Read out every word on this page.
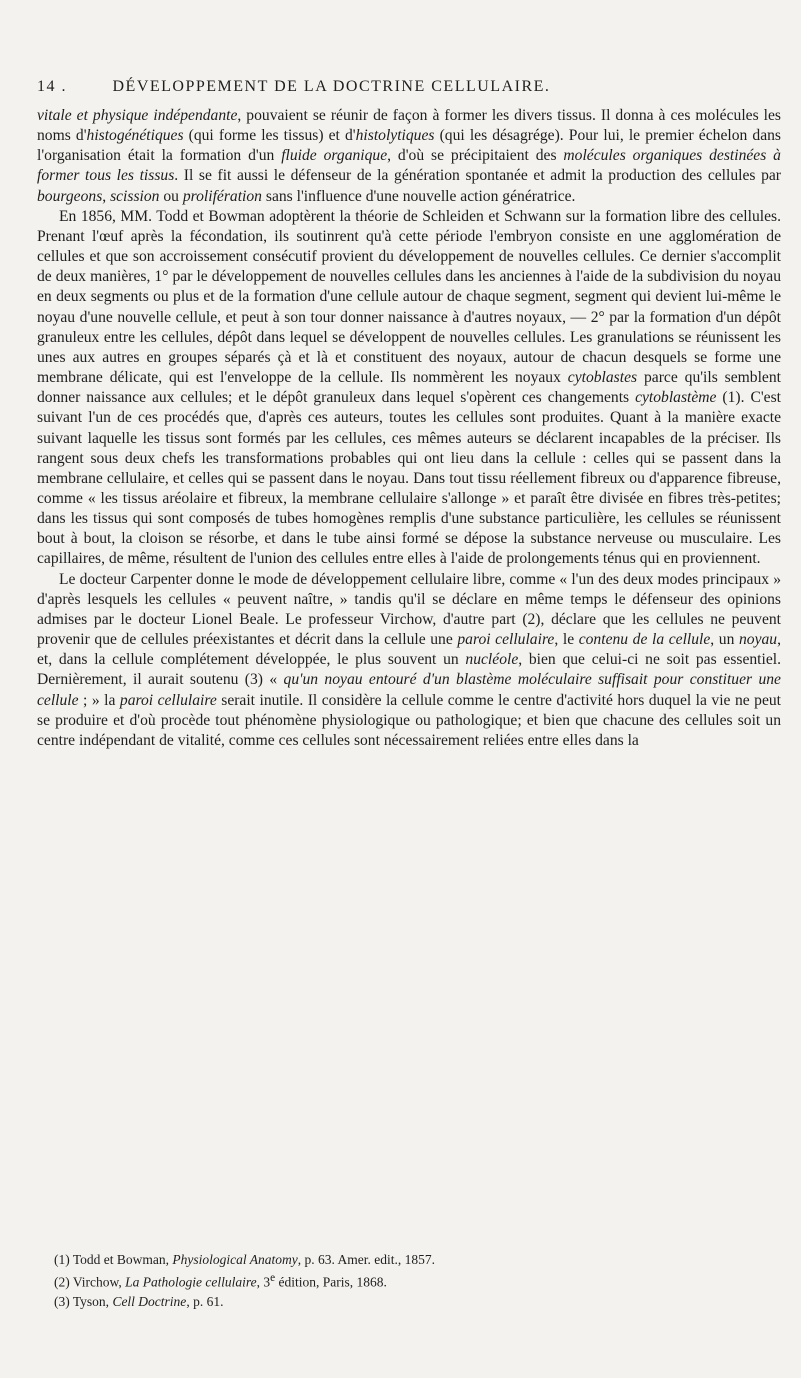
14 .	DÉVELOPPEMENT DE LA DOCTRINE CELLULAIRE.

vitale et physique indépendante, pouvaient se réunir de façon à former les divers tissus. Il donna à ces molécules les noms d'histogénétiques (qui forme les tissus) et d'histolytiques (qui les désagrége). Pour lui, le premier échelon dans l'organisation était la formation d'un fluide organique, d'où se précipitaient des molécules organiques destinées à former tous les tissus. Il se fit aussi le défenseur de la génération spontanée et admit la production des cellules par bourgeons, scission ou prolifération sans l'influence d'une nouvelle action génératrice.

En 1856, MM. Todd et Bowman adoptèrent la théorie de Schleiden et Schwann sur la formation libre des cellules. Prenant l'œuf après la fécondation, ils soutinrent qu'à cette période l'embryon consiste en une agglomération de cellules et que son accroissement consécutif provient du développement de nouvelles cellules. Ce dernier s'accomplit de deux manières, 1° par le développement de nouvelles cellules dans les anciennes à l'aide de la subdivision du noyau en deux segments ou plus et de la formation d'une cellule autour de chaque segment, segment qui devient lui-même le noyau d'une nouvelle cellule, et peut à son tour donner naissance à d'autres noyaux, — 2° par la formation d'un dépôt granuleux entre les cellules, dépôt dans lequel se développent de nouvelles cellules. Les granulations se réunissent les unes aux autres en groupes séparés çà et là et constituent des noyaux, autour de chacun desquels se forme une membrane délicate, qui est l'enveloppe de la cellule. Ils nommèrent les noyaux cytoblastes parce qu'ils semblent donner naissance aux cellules; et le dépôt granuleux dans lequel s'opèrent ces changements cytoblastème (1). C'est suivant l'un de ces procédés que, d'après ces auteurs, toutes les cellules sont produites. Quant à la manière exacte suivant laquelle les tissus sont formés par les cellules, ces mêmes auteurs se déclarent incapables de la préciser. Ils rangent sous deux chefs les transformations probables qui ont lieu dans la cellule : celles qui se passent dans la membrane cellulaire, et celles qui se passent dans le noyau. Dans tout tissu réellement fibreux ou d'apparence fibreuse, comme « les tissus aréolaire et fibreux, la membrane cellulaire s'allonge » et paraît être divisée en fibres très-petites; dans les tissus qui sont composés de tubes homogènes remplis d'une substance particulière, les cellules se réunissent bout à bout, la cloison se résorbe, et dans le tube ainsi formé se dépose la substance nerveuse ou musculaire. Les capillaires, de même, résultent de l'union des cellules entre elles à l'aide de prolongements ténus qui en proviennent.

Le docteur Carpenter donne le mode de développement cellulaire libre, comme « l'un des deux modes principaux » d'après lesquels les cellules « peuvent naître, » tandis qu'il se déclare en même temps le défenseur des opinions admises par le docteur Lionel Beale. Le professeur Virchow, d'autre part (2), déclare que les cellules ne peuvent provenir que de cellules préexistantes et décrit dans la cellule une paroi cellulaire, le contenu de la cellule, un noyau, et, dans la cellule complétement développée, le plus souvent un nucléole, bien que celui-ci ne soit pas essentiel. Dernièrement, il aurait soutenu (3) « qu'un noyau entouré d'un blastème moléculaire suffisait pour constituer une cellule ; » la paroi cellulaire serait inutile. Il considère la cellule comme le centre d'activité hors duquel la vie ne peut se produire et d'où procède tout phénomène physiologique ou pathologique; et bien que chacune des cellules soit un centre indépendant de vitalité, comme ces cellules sont nécessairement reliées entre elles dans la

(1) Todd et Bowman, Physiological Anatomy, p. 63. Amer. edit., 1857.
(2) Virchow, La Pathologie cellulaire, 3e édition, Paris, 1868.
(3) Tyson, Cell Doctrine, p. 61.
